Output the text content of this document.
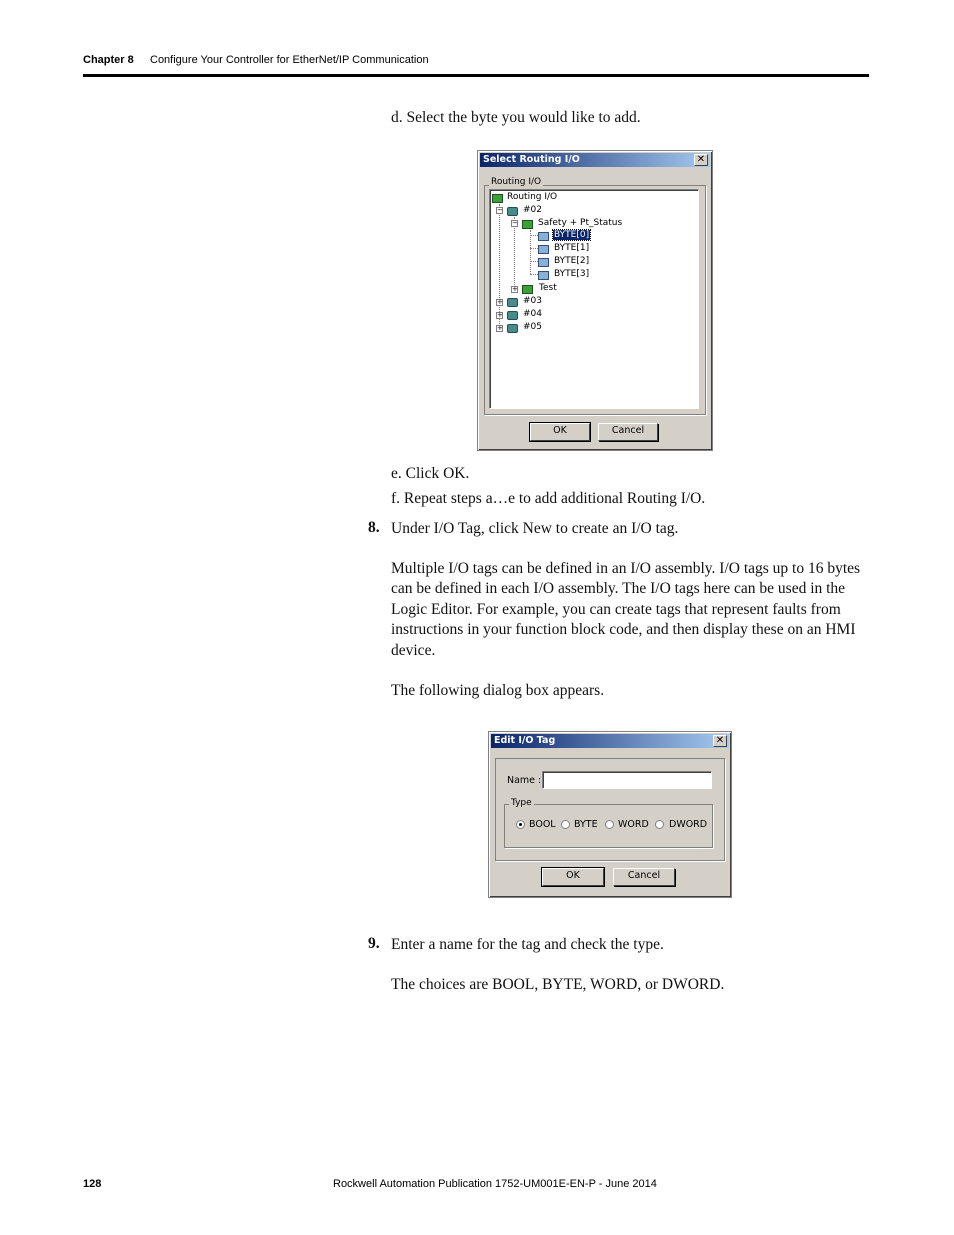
Chapter 8 Configure Your Controller for EtherNet/IP Communication
d. Select the byte you would like to add.
Select Routing I/O	✕
Routing I/O
Routing I/O
− #02
− Safety + Pt_Status
BYTE[0]
BYTE[1]
BYTE[2]
BYTE[3]
+ Test
+ #03
+ #04
+ #05
OK	Cancel
e. Click OK.
f. Repeat steps a…e to add additional Routing I/O.
8. Under I/O Tag, click New to create an I/O tag.
Multiple I/O tags can be defined in an I/O assembly. I/O tags up to 16 bytes can be defined in each I/O assembly. The I/O tags here can be used in the Logic Editor. For example, you can create tags that represent faults from instructions in your function block code, and then display these on an HMI device.
The following dialog box appears.
Edit I/O Tag	✕
Name :
Type
BOOL BYTE WORD DWORD
OK	Cancel
9. Enter a name for the tag and check the type.
The choices are BOOL, BYTE, WORD, or DWORD.
128	Rockwell Automation Publication 1752-UM001E-EN-P - June 2014
